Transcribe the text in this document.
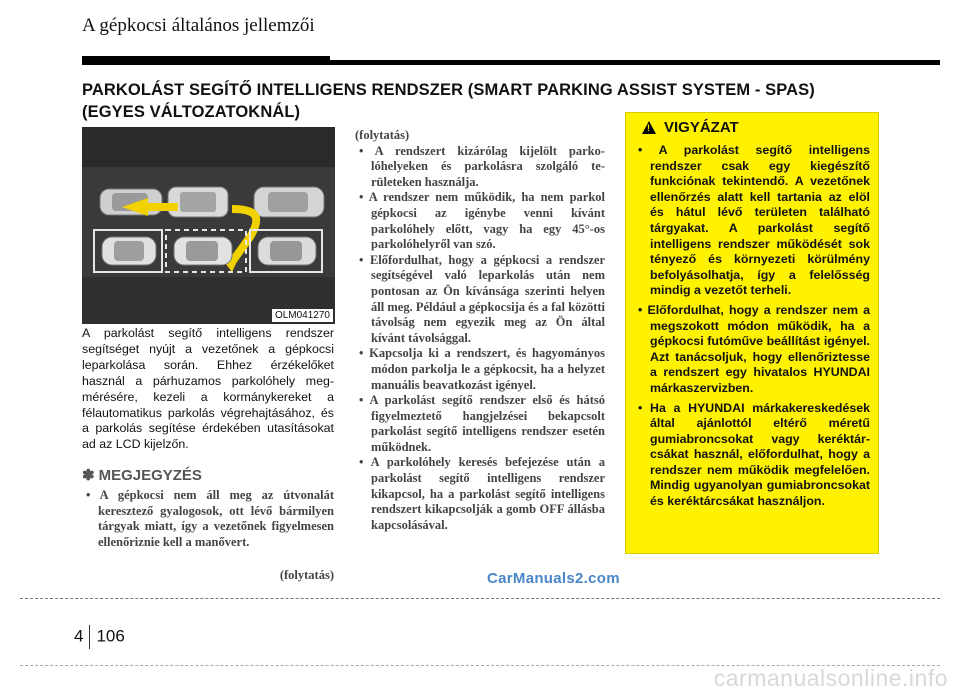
A gépkocsi általános jellemzői
PARKOLÁST SEGÍTŐ INTELLIGENS RENDSZER (SMART PARKING ASSIST SYSTEM - SPAS)
(EGYES VÁLTOZATOKNÁL)
OLM041270
A parkolást segítő intelligens rendszer segítséget nyújt a vezetőnek a gépkocsi leparkolása során. Ehhez érzékelőket használ a párhuzamos parkolóhely megmérésére, kezeli a kormánykereket a félautomatikus parkolás végrehajtásához, és a parkolás segítése érdekében utasításokat ad az LCD kijelzőn.
✽ MEGJEGYZÉS
• A gépkocsi nem áll meg az útvonalát keresztező gyalogosok, ott lévő bármilyen tárgyak miatt, így a vezetőnek figyelmesen ellenőriznie kell a manővert.
(folytatás)
(folytatás)
• A rendszert kizárólag kijelölt parkolóhelyeken és parkolásra szolgáló területeken használja.
• A rendszer nem működik, ha nem parkol gépkocsi az igénybe venni kívánt parkolóhely előtt, vagy ha egy 45°-os parkolóhelyről van szó.
• Előfordulhat, hogy a gépkocsi a rendszer segítségével való leparkolás után nem pontosan az Ön kívánsága szerinti helyen áll meg. Például a gépkocsija és a fal közötti távolság nem egyezik meg az Ön által kívánt távolsággal.
• Kapcsolja ki a rendszert, és hagyományos módon parkolja le a gépkocsit, ha a helyzet manuális beavatkozást igényel.
• A parkolást segítő rendszer első és hátsó figyelmeztető hangjelzései bekapcsolt parkolást segítő intelligens rendszer esetén működnek.
• A parkolóhely keresés befejezése után a parkolást segítő intelligens rendszer kikapcsol, ha a parkolást segítő intelligens rendszert kikapcsolják a gomb OFF állásba kapcsolásával.
! VIGYÁZAT
• A parkolást segítő intelligens rendszer csak egy kiegészítő funkciónak tekintendő. A vezetőnek ellenőrzés alatt kell tartania az elöl és hátul lévő területen található tárgyakat. A parkolást segítő intelligens rendszer működését sok tényező és környezeti körülmény befolyásolhatja, így a felelősség mindig a vezetőt terheli.
• Előfordulhat, hogy a rendszer nem a megszokott módon működik, ha a gépkocsi futóműve beállítást igényel. Azt tanácsoljuk, hogy ellenőriztesse a rendszert egy hivatalos HYUNDAI márkaszervizben.
• Ha a HYUNDAI márkakereskedések által ajánlottól eltérő méretű gumiabroncsokat vagy keréktárcsákat használ, előfordulhat, hogy a rendszer nem működik megfelelően. Mindig ugyanolyan gumiabroncsokat és keréktárcsákat használjon.
CarManuals2.com
4 106
carmanualsonline.info
